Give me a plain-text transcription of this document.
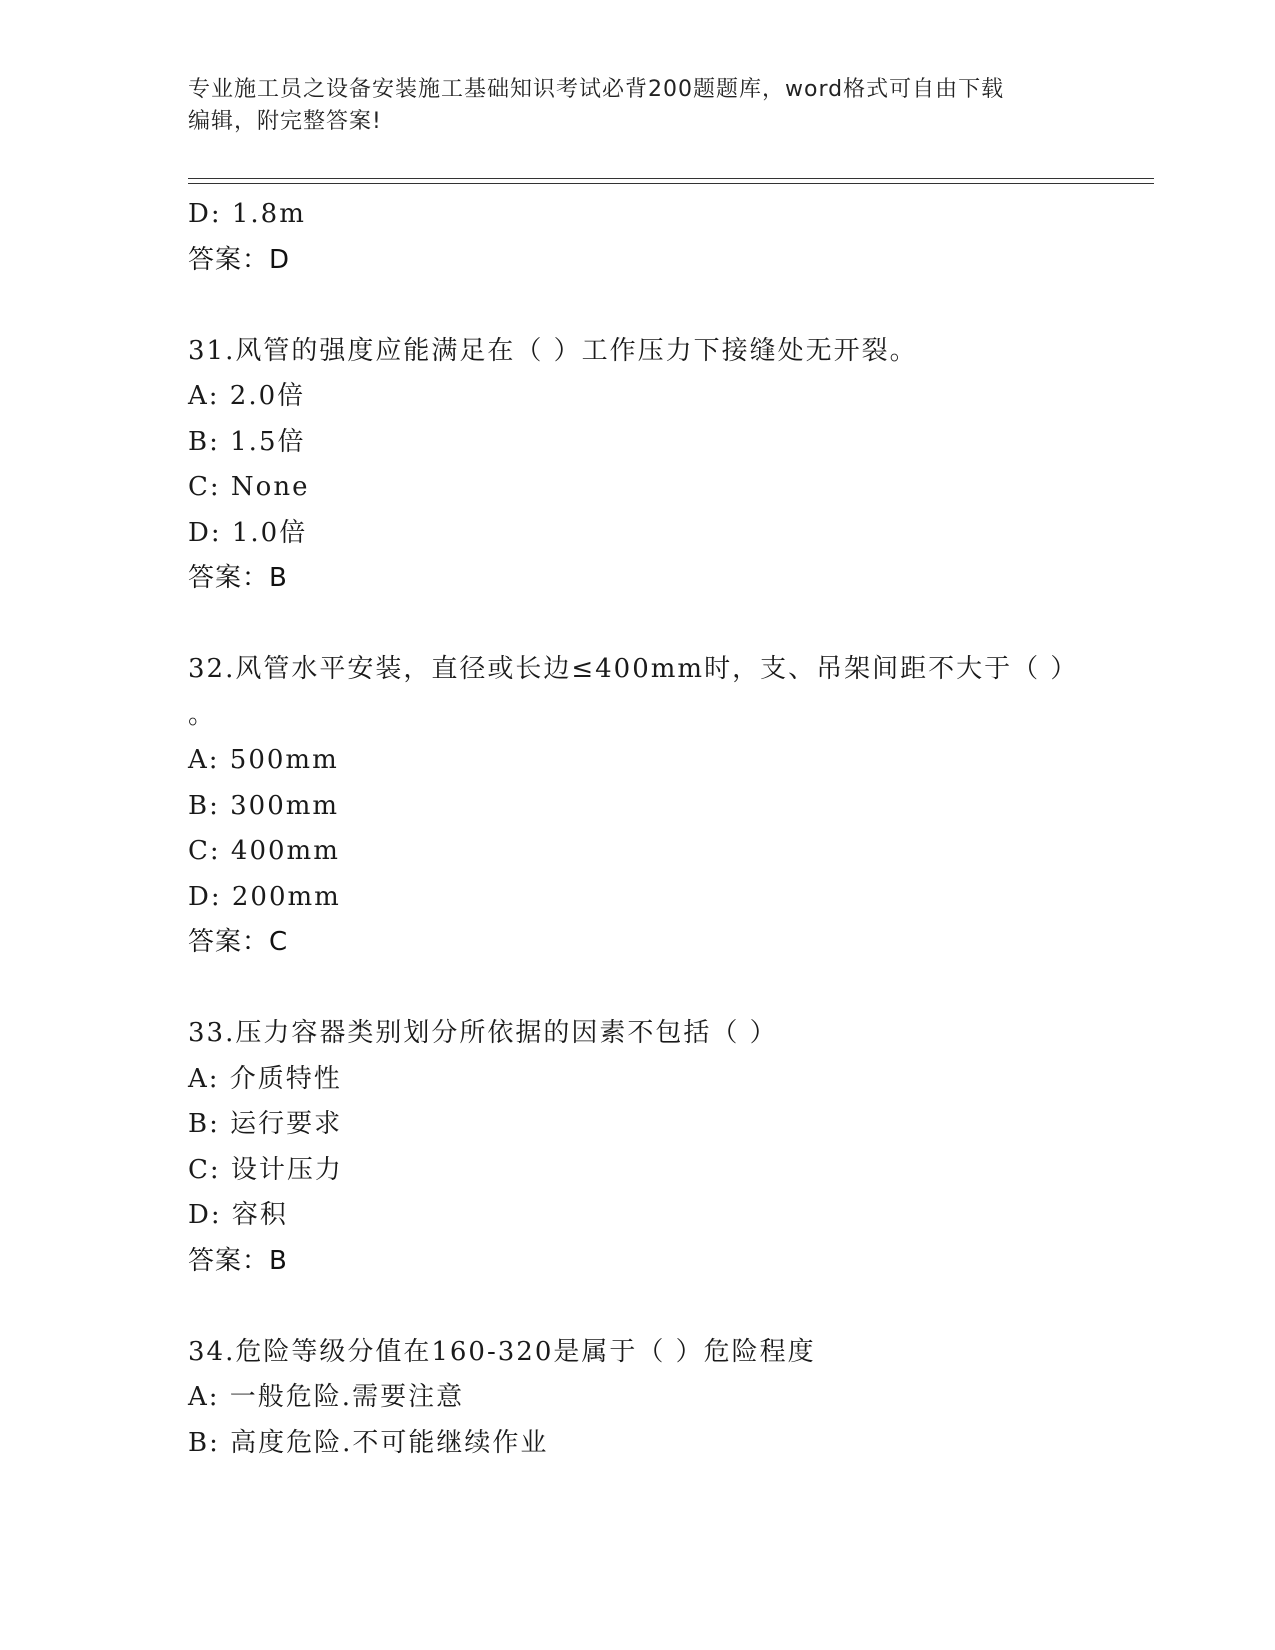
专业施工员之设备安装施工基础知识考试必背200题题库，word格式可自由下载
编辑，附完整答案!
D: 1.8m
答案：D
31.风管的强度应能满足在（ ）工作压力下接缝处无开裂。
A: 2.0倍
B: 1.5倍
C: None
D: 1.0倍
答案：B
32.风管水平安装，直径或长边≤400mm时，支、吊架间距不大于（ ）
。
A: 500mm
B: 300mm
C: 400mm
D: 200mm
答案：C
33.压力容器类别划分所依据的因素不包括（ ）
A: 介质特性
B: 运行要求
C: 设计压力
D: 容积
答案：B
34.危险等级分值在160-320是属于（ ）危险程度
A: 一般危险.需要注意
B: 高度危险.不可能继续作业
